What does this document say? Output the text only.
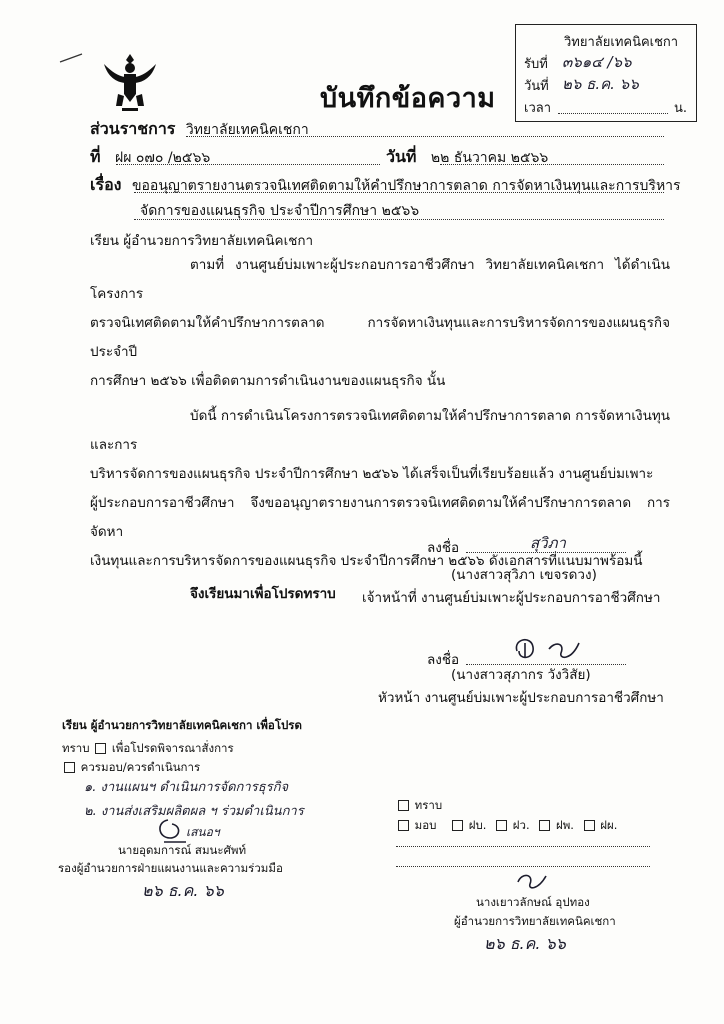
บันทึกข้อความ
วิทยาลัยเทคนิคเชกา
รับที่ ๓๖๑๔ /๖๖
วันที่ ๒๖ ธ.ค. ๖๖
เวลา	น.
ส่วนราชการ วิทยาลัยเทคนิคเชกา
ที่ ฝผ ๐๗๐ /๒๕๖๖	วันที่ ๒๒ ธันวาคม ๒๕๖๖
เรื่อง ขออนุญาตรายงานตรวจนิเทศติดตามให้คำปรึกษาการตลาด การจัดหาเงินทุนและการบริหาร
จัดการของแผนธุรกิจ ประจำปีการศึกษา ๒๕๖๖
เรียน ผู้อำนวยการวิทยาลัยเทคนิคเชกา

ตามที่ งานศูนย์บ่มเพาะผู้ประกอบการอาชีวศึกษา วิทยาลัยเทคนิคเชกา ได้ดำเนินโครงการ

ตรวจนิเทศติดตามให้คำปรึกษาการตลาด การจัดหาเงินทุนและการบริหารจัดการของแผนธุรกิจ ประจำปี

การศึกษา ๒๕๖๖ เพื่อติดตามการดำเนินงานของแผนธุรกิจ นั้น

บัดนี้ การดำเนินโครงการตรวจนิเทศติดตามให้คำปรึกษาการตลาด การจัดหาเงินทุนและการ

บริหารจัดการของแผนธุรกิจ ประจำปีการศึกษา ๒๕๖๖ ได้เสร็จเป็นที่เรียบร้อยแล้ว งานศูนย์บ่มเพาะ

ผู้ประกอบการอาชีวศึกษา จึงขออนุญาตรายงานการตรวจนิเทศติดตามให้คำปรึกษาการตลาด การจัดหา

เงินทุนและการบริหารจัดการของแผนธุรกิจ ประจำปีการศึกษา ๒๕๖๖ ดังเอกสารที่แนบมาพร้อมนี้

จึงเรียนมาเพื่อโปรดทราบ

ลงชื่อ	สุวิภา
(นางสาวสุวิภา เขจรดวง)
เจ้าหน้าที่ งานศูนย์บ่มเพาะผู้ประกอบการอาชีวศึกษา
ลงชื่อ
(นางสาวสุภากร วังวิสัย)
หัวหน้า งานศูนย์บ่มเพาะผู้ประกอบการอาชีวศึกษา
เรียน ผู้อำนวยการวิทยาลัยเทคนิคเชกา เพื่อโปรด
ทราบ เพื่อโปรดพิจารณาสั่งการ
ควรมอบ/ควรดำเนินการ
๑. งานแผนฯ ดำเนินการจัดการธุรกิจ
๒. งานส่งเสริมผลิตผล ฯ ร่วมดำเนินการ
เสนอฯ
นายอุดมการณ์ สมนะศัพท์
รองผู้อำนวยการฝ่ายแผนงานและความร่วมมือ
๒๖ ธ.ค. ๖๖
ทราบ
มอบ	ฝบ. ฝว. ฝพ. ฝผ.
นางเยาวลักษณ์ อุปทอง
ผู้อำนวยการวิทยาลัยเทคนิคเชกา
๒๖ ธ.ค. ๖๖
